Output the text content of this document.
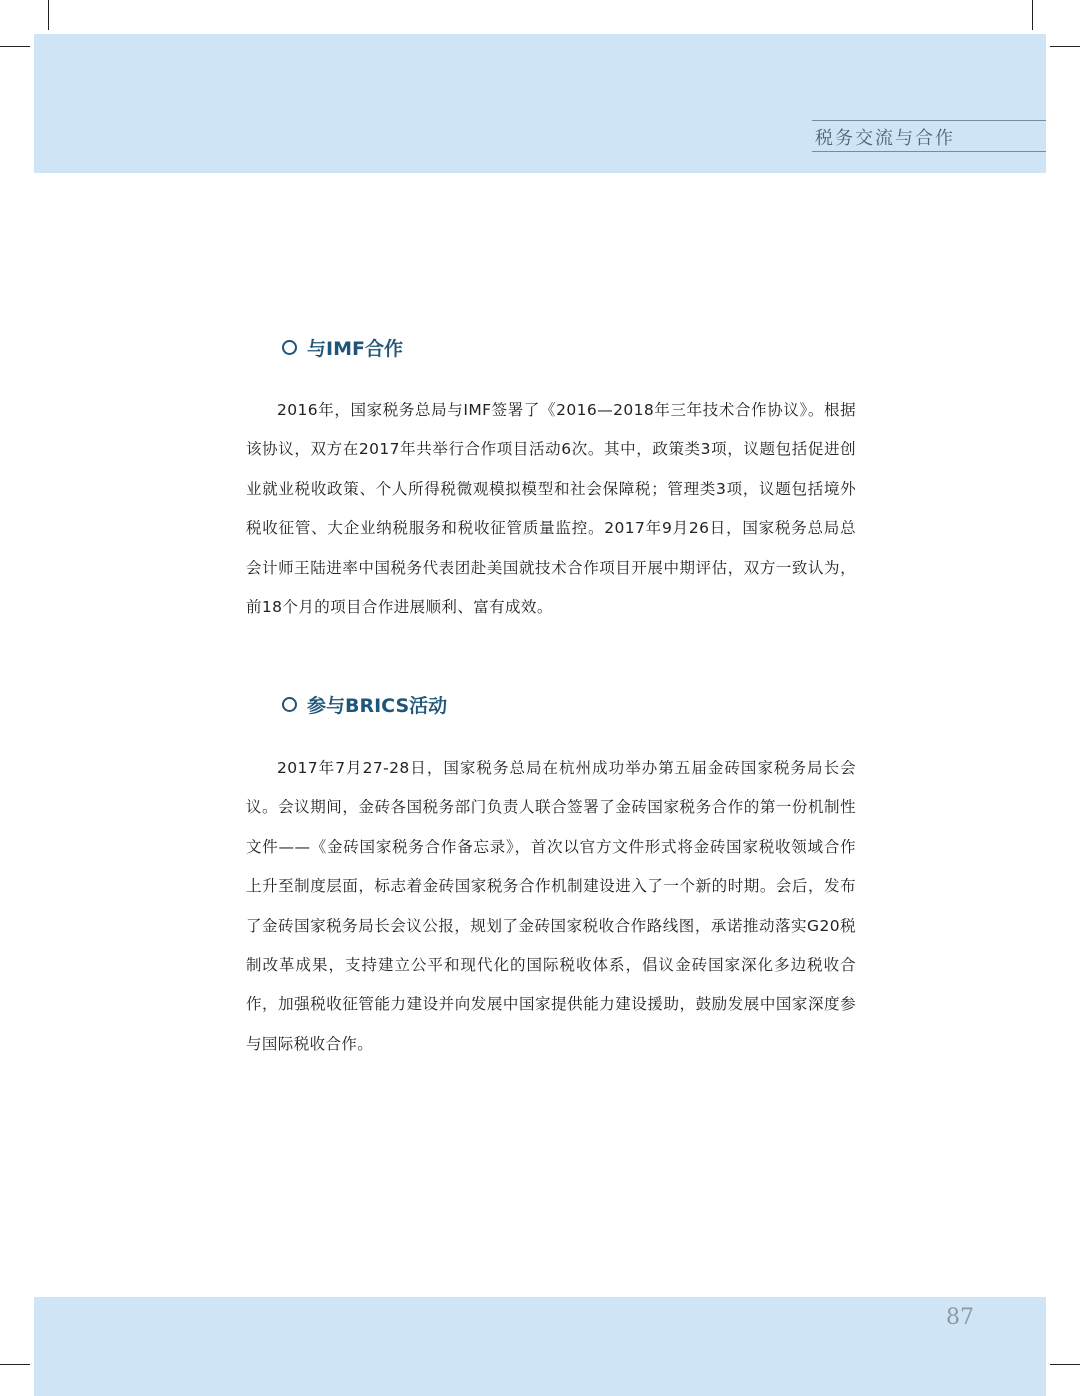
税务交流与合作
与IMF合作
2016年，国家税务总局与IMF签署了《2016—2018年三年技术合作协议》。根据该协议，双方在2017年共举行合作项目活动6次。其中，政策类3项，议题包括促进创业就业税收政策、个人所得税微观模拟模型和社会保障税；管理类3项，议题包括境外税收征管、大企业纳税服务和税收征管质量监控。2017年9月26日，国家税务总局总会计师王陆进率中国税务代表团赴美国就技术合作项目开展中期评估，双方一致认为，前18个月的项目合作进展顺利、富有成效。
参与BRICS活动
2017年7月27-28日，国家税务总局在杭州成功举办第五届金砖国家税务局长会议。会议期间，金砖各国税务部门负责人联合签署了金砖国家税务合作的第一份机制性文件——《金砖国家税务合作备忘录》，首次以官方文件形式将金砖国家税收领域合作上升至制度层面，标志着金砖国家税务合作机制建设进入了一个新的时期。会后，发布了金砖国家税务局长会议公报，规划了金砖国家税收合作路线图，承诺推动落实G20税制改革成果，支持建立公平和现代化的国际税收体系，倡议金砖国家深化多边税收合作，加强税收征管能力建设并向发展中国家提供能力建设援助，鼓励发展中国家深度参与国际税收合作。
87
